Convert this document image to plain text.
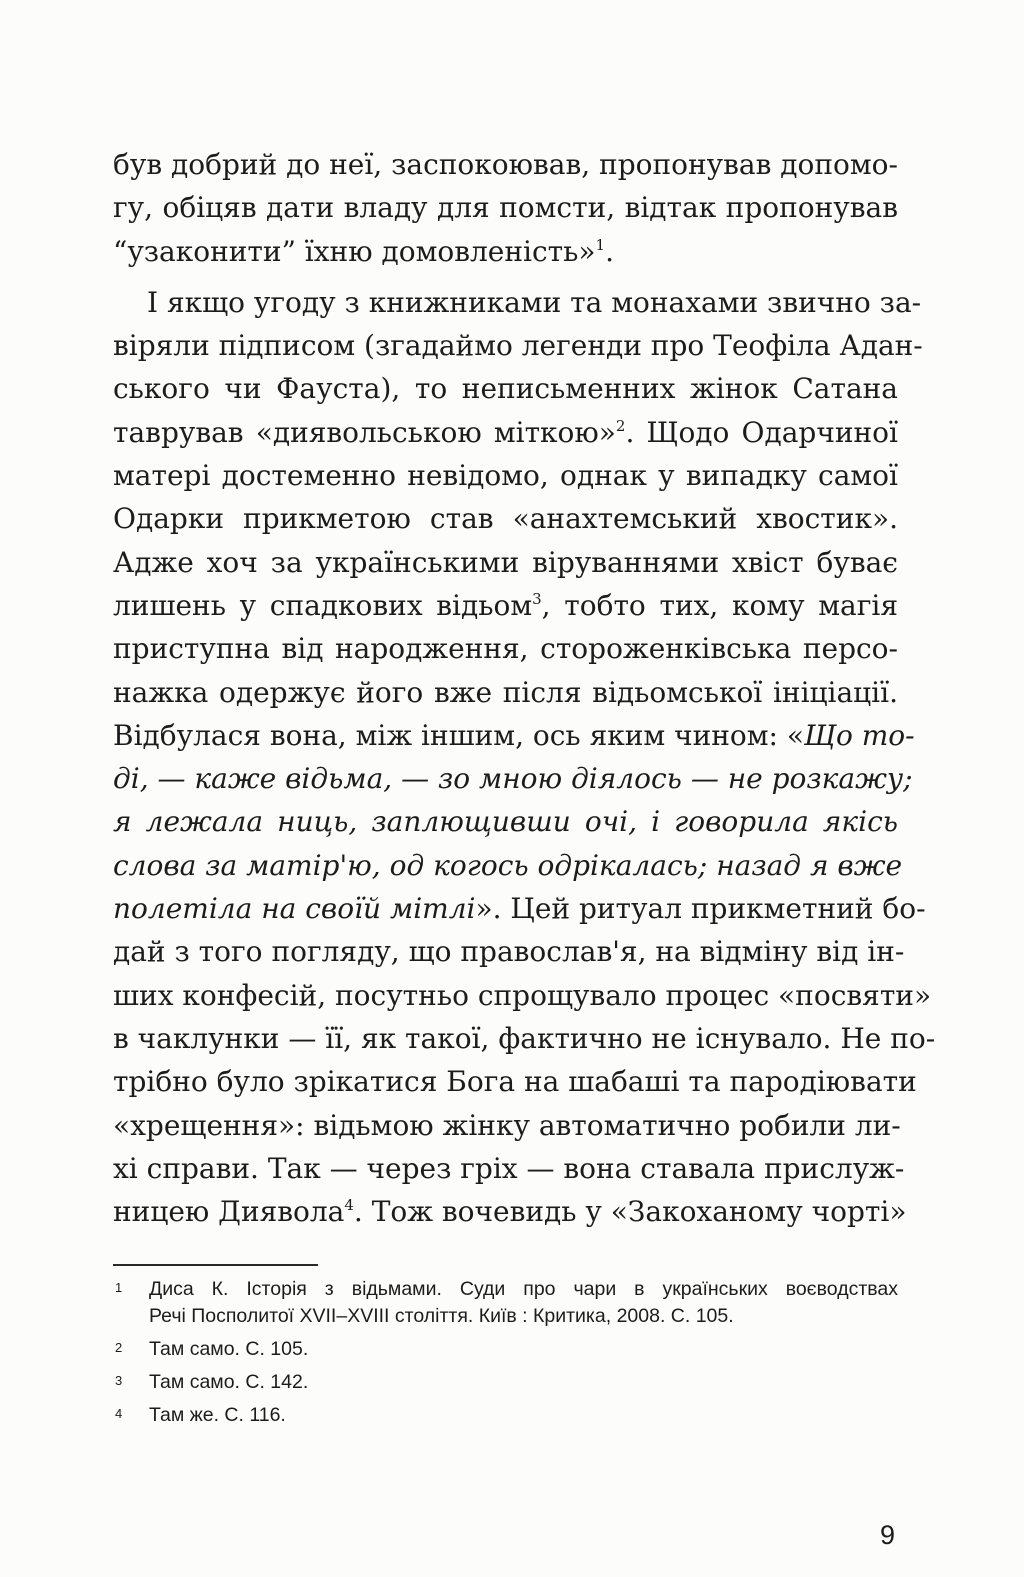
був добрий до неї, заспокоював, пропонував допомо-
гу, обіцяв дати владу для помсти, відтак пропонував
“узаконити” їхню домовленість»$^1$.
І якщо угоду з книжниками та монахами звично за-
віряли підписом (згадаймо легенди про Теофіла Адан-
ського чи Фауста), то неписьменних жінок Сатана
таврував «диявольською міткою»$^2$. Щодо Одарчиної
матері достеменно невідомо, однак у випадку самої
Одарки прикметою став «анахтемський хвостик».
Адже хоч за українськими віруваннями хвіст буває
лишень у спадкових відьом$^3$, тобто тих, кому магія
приступна від народження, стороженківська персо-
нажка одержує його вже після відьомської ініціації.
Відбулася вона, між іншим, ось яким чином: «Що то-
ді, — каже відьма, — зо мною діялось — не розкажу;
я лежала ниць, заплющивши очі, і говорила якісь
слова за матір'ю, од когось одрікалась; назад я вже
полетіла на своїй мітлі». Цей ритуал прикметний бо-
дай з того погляду, що православ'я, на відміну від ін-
ших конфесій, посутньо спрощувало процес «посвяти»
в чаклунки — її, як такої, фактично не існувало. Не по-
трібно було зрікатися Бога на шабаші та пародіювати
«хрещення»: відьмою жінку автоматично робили ли-
хі справи. Так — через гріх — вона ставала прислуж-
ницею Диявола$^4$. Тож вочевидь у «Закоханому чорті»
1 Диса К. Історія з відьмами. Суди про чари в українських воєводствах
Речі Посполитої XVII–XVIII століття. Київ : Критика, 2008. С. 105.
2 Там само. С. 105.
3 Там само. С. 142.
4 Там же. С. 116.
9
